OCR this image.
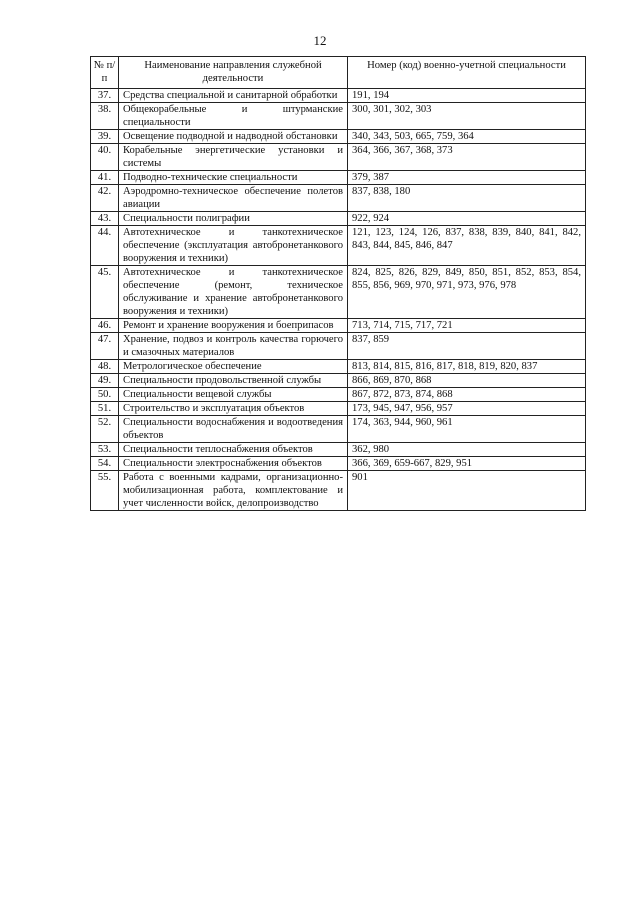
12
№ п/п	Наименование направления служебной деятельности	Номер (код) военно-учетной специальности
37.	Средства специальной и санитарной обработки	191, 194
38.	Общекорабельные и штурманские специальности	300, 301, 302, 303
39.	Освещение подводной и надводной обстановки	340, 343, 503, 665, 759, 364
40.	Корабельные энергетические установки и системы	364, 366, 367, 368, 373
41.	Подводно-технические специальности	379, 387
42.	Аэродромно-техническое обеспечение полетов авиации	837, 838, 180
43.	Специальности полиграфии	922, 924
44.	Автотехническое и танкотехническое обеспечение (эксплуатация автобронетанкового вооружения и техники)	121, 123, 124, 126, 837, 838, 839, 840, 841, 842, 843, 844, 845, 846, 847
45.	Автотехническое и танкотехническое обеспечение (ремонт, техническое обслуживание и хранение автобронетанкового вооружения и техники)	824, 825, 826, 829, 849, 850, 851, 852, 853, 854, 855, 856, 969, 970, 971, 973, 976, 978
46.	Ремонт и хранение вооружения и боеприпасов	713, 714, 715, 717, 721
47.	Хранение, подвоз и контроль качества горючего и смазочных материалов	837, 859
48.	Метрологическое обеспечение	813, 814, 815, 816, 817, 818, 819, 820, 837
49.	Специальности продовольственной службы	866, 869, 870, 868
50.	Специальности вещевой службы	867, 872, 873, 874, 868
51.	Строительство и эксплуатация объектов	173, 945, 947, 956, 957
52.	Специальности водоснабжения и водоотведения объектов	174, 363, 944, 960, 961
53.	Специальности теплоснабжения объектов	362, 980
54.	Специальности электроснабжения объектов	366, 369, 659-667, 829, 951
55.	Работа с военными кадрами, организационно-мобилизационная работа, комплектование и учет численности войск, делопроизводство	901
